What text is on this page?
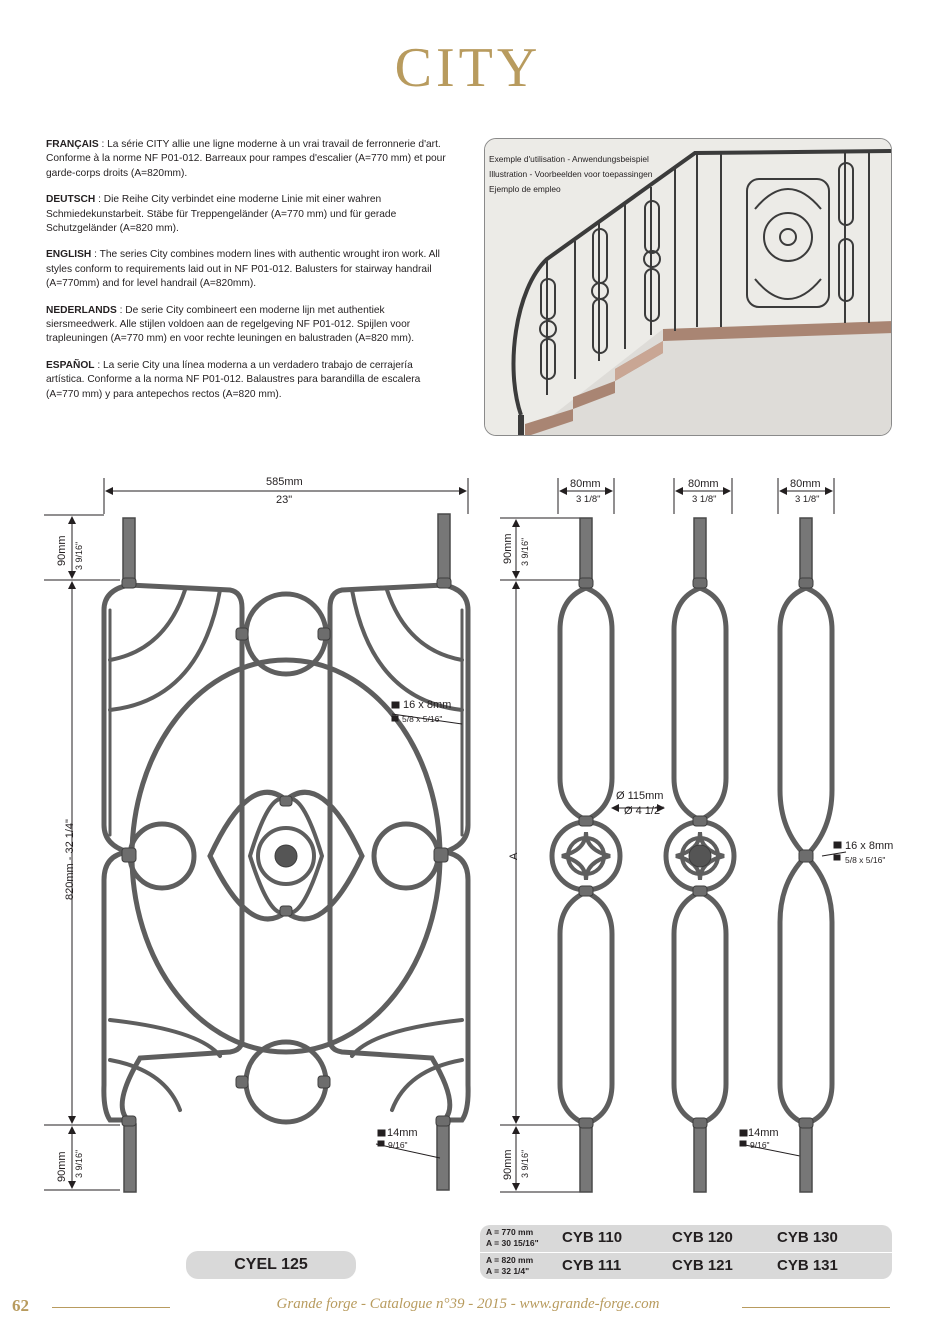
CITY

FRANÇAIS : La série CITY allie une ligne moderne à un vrai travail de ferronnerie d'art. Conforme à la norme NF P01-012. Barreaux pour rampes d'escalier (A=770 mm) et pour garde-corps droits (A=820mm).

DEUTSCH : Die Reihe City verbindet eine moderne Linie mit einer wahren Schmiedekunstarbeit. Stäbe für Treppengeländer (A=770 mm) und für gerade Schutzgeländer (A=820 mm).

ENGLISH : The series City combines modern lines with authentic wrought iron work. All styles conform to requirements laid out in NF P01-012. Balusters for stairway handrail (A=770mm) and for level handrail (A=820mm).

NEDERLANDS : De serie City combineert een moderne lijn met authentiek siersmeedwerk. Alle stijlen voldoen aan de regelgeving NF P01-012. Spijlen voor trapleuningen (A=770 mm) en voor rechte leuningen en balustraden (A=820 mm).

ESPAÑOL : La serie City una línea moderna a un verdadero trabajo de cerrajería artística. Conforme a la norma NF P01-012. Balaustres para barandilla de escalera (A=770 mm) y para antepechos rectos (A=820 mm).

Exemple d'utilisation - Anwendungsbeispiel
Illustration - Voorbeelden voor toepassingen
Ejemplo de empleo
585mm
23"
90mm 3 9/16"
820mm - 32 1/4"
90mm 3 9/16"
16 x 8mm
5/8 x 5/16"
14mm
9/16"
80mm
3 1/8"
80mm
3 1/8"
80mm
3 1/8"
90mm 3 9/16"
A
90mm 3 9/16"
Ø 115mm
Ø 4 1/2"
16 x 8mm
5/8 x 5/16"
14mm
9/16"
CYEL 125
A = 770 mm
A = 30 15/16" CYB 110	CYB 120	CYB 130
A = 820 mm
A = 32 1/4" CYB 111	CYB 121	CYB 131
62	Grande forge - Catalogue n°39 - 2015 - www.grande-forge.com
